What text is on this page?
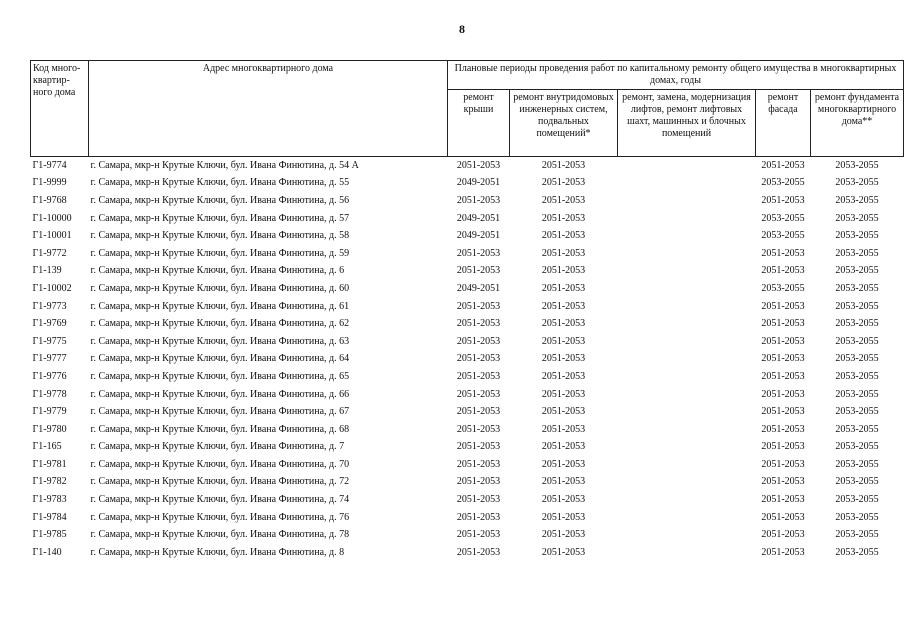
8
Код много-квартир-ного дома	Адрес многоквартирного дома	Плановые периоды проведения работ по капитальному ремонту общего имущества в многоквартирных домах, годы				
		ремонт крыши	ремонт внутридомовых инженерных систем, подвальных помещений*	ремонт, замена, модернизация лифтов, ремонт лифтовых шахт, машинных и блочных помещений	ремонт фасада	ремонт фундамента многоквартирного дома**
Г1-9774	г. Самара, мкр-н Крутые Ключи, бул. Ивана Финютина, д. 54 А	2051-2053	2051-2053		2051-2053	2053-2055
Г1-9999	г. Самара, мкр-н Крутые Ключи, бул. Ивана Финютина, д. 55	2049-2051	2051-2053		2053-2055	2053-2055
Г1-9768	г. Самара, мкр-н Крутые Ключи, бул. Ивана Финютина, д. 56	2051-2053	2051-2053		2051-2053	2053-2055
Г1-10000	г. Самара, мкр-н Крутые Ключи, бул. Ивана Финютина, д. 57	2049-2051	2051-2053		2053-2055	2053-2055
Г1-10001	г. Самара, мкр-н Крутые Ключи, бул. Ивана Финютина, д. 58	2049-2051	2051-2053		2053-2055	2053-2055
Г1-9772	г. Самара, мкр-н Крутые Ключи, бул. Ивана Финютина, д. 59	2051-2053	2051-2053		2051-2053	2053-2055
Г1-139	г. Самара, мкр-н Крутые Ключи, бул. Ивана Финютина, д. 6	2051-2053	2051-2053		2051-2053	2053-2055
Г1-10002	г. Самара, мкр-н Крутые Ключи, бул. Ивана Финютина, д. 60	2049-2051	2051-2053		2053-2055	2053-2055
Г1-9773	г. Самара, мкр-н Крутые Ключи, бул. Ивана Финютина, д. 61	2051-2053	2051-2053		2051-2053	2053-2055
Г1-9769	г. Самара, мкр-н Крутые Ключи, бул. Ивана Финютина, д. 62	2051-2053	2051-2053		2051-2053	2053-2055
Г1-9775	г. Самара, мкр-н Крутые Ключи, бул. Ивана Финютина, д. 63	2051-2053	2051-2053		2051-2053	2053-2055
Г1-9777	г. Самара, мкр-н Крутые Ключи, бул. Ивана Финютина, д. 64	2051-2053	2051-2053		2051-2053	2053-2055
Г1-9776	г. Самара, мкр-н Крутые Ключи, бул. Ивана Финютина, д. 65	2051-2053	2051-2053		2051-2053	2053-2055
Г1-9778	г. Самара, мкр-н Крутые Ключи, бул. Ивана Финютина, д. 66	2051-2053	2051-2053		2051-2053	2053-2055
Г1-9779	г. Самара, мкр-н Крутые Ключи, бул. Ивана Финютина, д. 67	2051-2053	2051-2053		2051-2053	2053-2055
Г1-9780	г. Самара, мкр-н Крутые Ключи, бул. Ивана Финютина, д. 68	2051-2053	2051-2053		2051-2053	2053-2055
Г1-165	г. Самара, мкр-н Крутые Ключи, бул. Ивана Финютина, д. 7	2051-2053	2051-2053		2051-2053	2053-2055
Г1-9781	г. Самара, мкр-н Крутые Ключи, бул. Ивана Финютина, д. 70	2051-2053	2051-2053		2051-2053	2053-2055
Г1-9782	г. Самара, мкр-н Крутые Ключи, бул. Ивана Финютина, д. 72	2051-2053	2051-2053		2051-2053	2053-2055
Г1-9783	г. Самара, мкр-н Крутые Ключи, бул. Ивана Финютина, д. 74	2051-2053	2051-2053		2051-2053	2053-2055
Г1-9784	г. Самара, мкр-н Крутые Ключи, бул. Ивана Финютина, д. 76	2051-2053	2051-2053		2051-2053	2053-2055
Г1-9785	г. Самара, мкр-н Крутые Ключи, бул. Ивана Финютина, д. 78	2051-2053	2051-2053		2051-2053	2053-2055
Г1-140	г. Самара, мкр-н Крутые Ключи, бул. Ивана Финютина, д. 8	2051-2053	2051-2053		2051-2053	2053-2055
